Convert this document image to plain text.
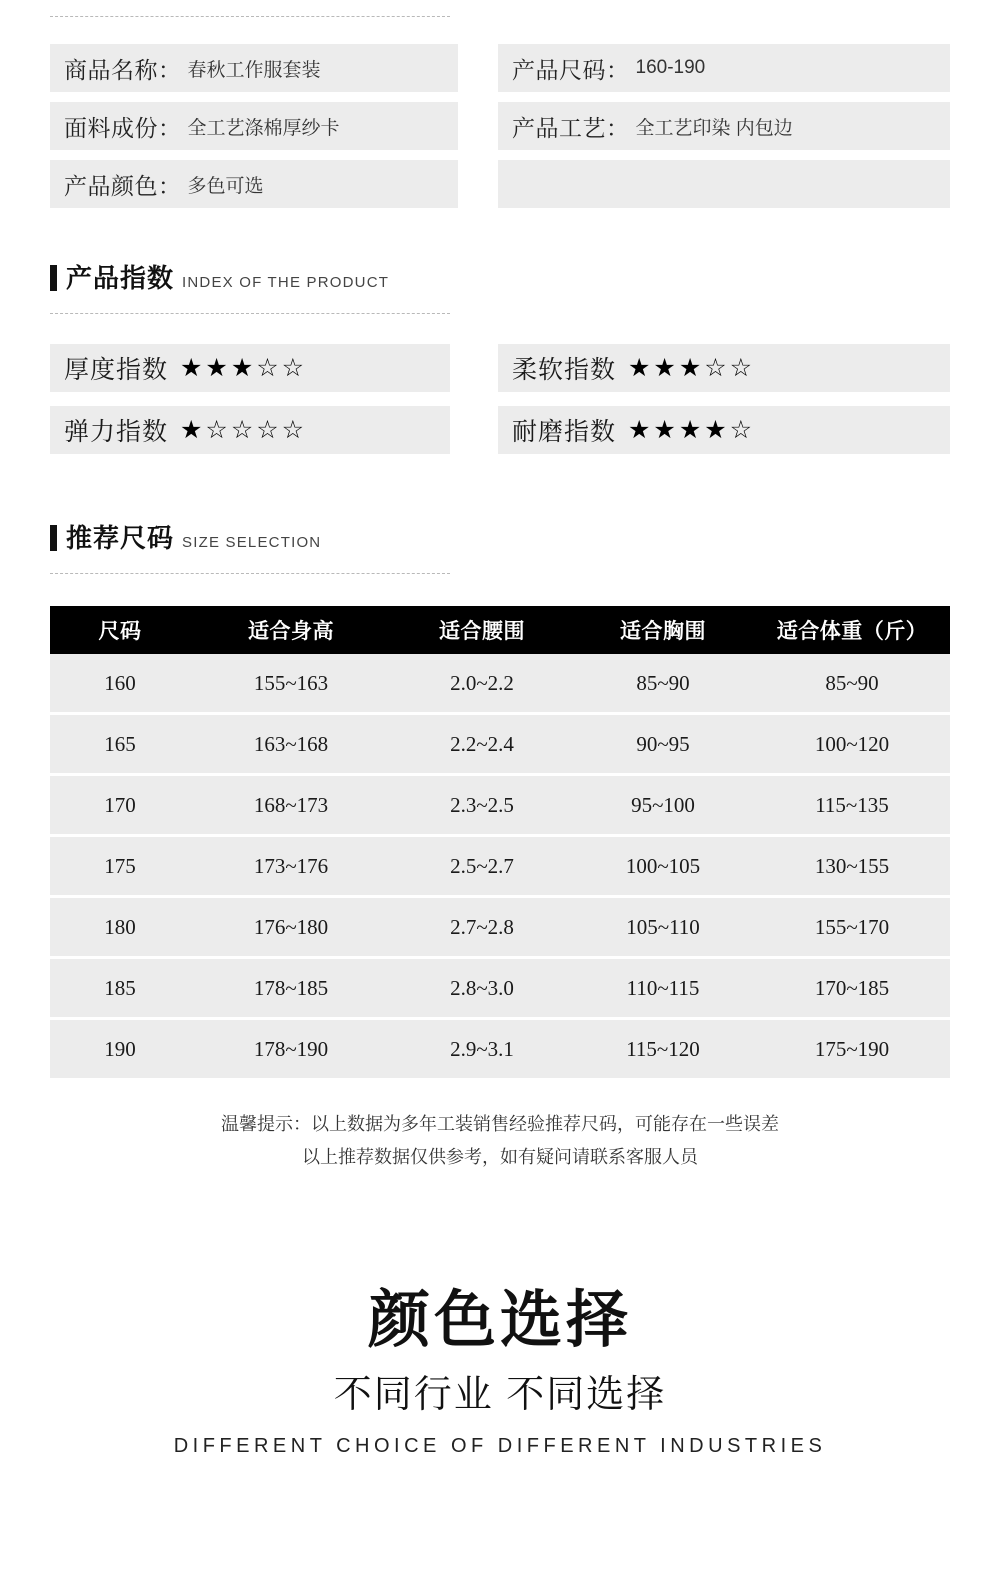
商品名称： 春秋工作服套装	产品尺码： 160-190
面料成份： 全工艺涤棉厚纱卡	产品工艺： 全工艺印染 内包边
产品颜色： 多色可选
产品指数 INDEX OF THE PRODUCT
厚度指数 ★★★☆☆	柔软指数 ★★★☆☆
弹力指数 ★☆☆☆☆	耐磨指数 ★★★★☆
推荐尺码 SIZE SELECTION
尺码	适合身高	适合腰围	适合胸围	适合体重（斤）
160	155~163	2.0~2.2	85~90	85~90
165	163~168	2.2~2.4	90~95	100~120
170	168~173	2.3~2.5	95~100	115~135
175	173~176	2.5~2.7	100~105	130~155
180	176~180	2.7~2.8	105~110	155~170
185	178~185	2.8~3.0	110~115	170~185
190	178~190	2.9~3.1	115~120	175~190
温馨提示：以上数据为多年工装销售经验推荐尺码，可能存在一些误差
以上推荐数据仅供参考，如有疑问请联系客服人员
颜色选择
不同行业 不同选择
DIFFERENT CHOICE OF DIFFERENT INDUSTRIES
